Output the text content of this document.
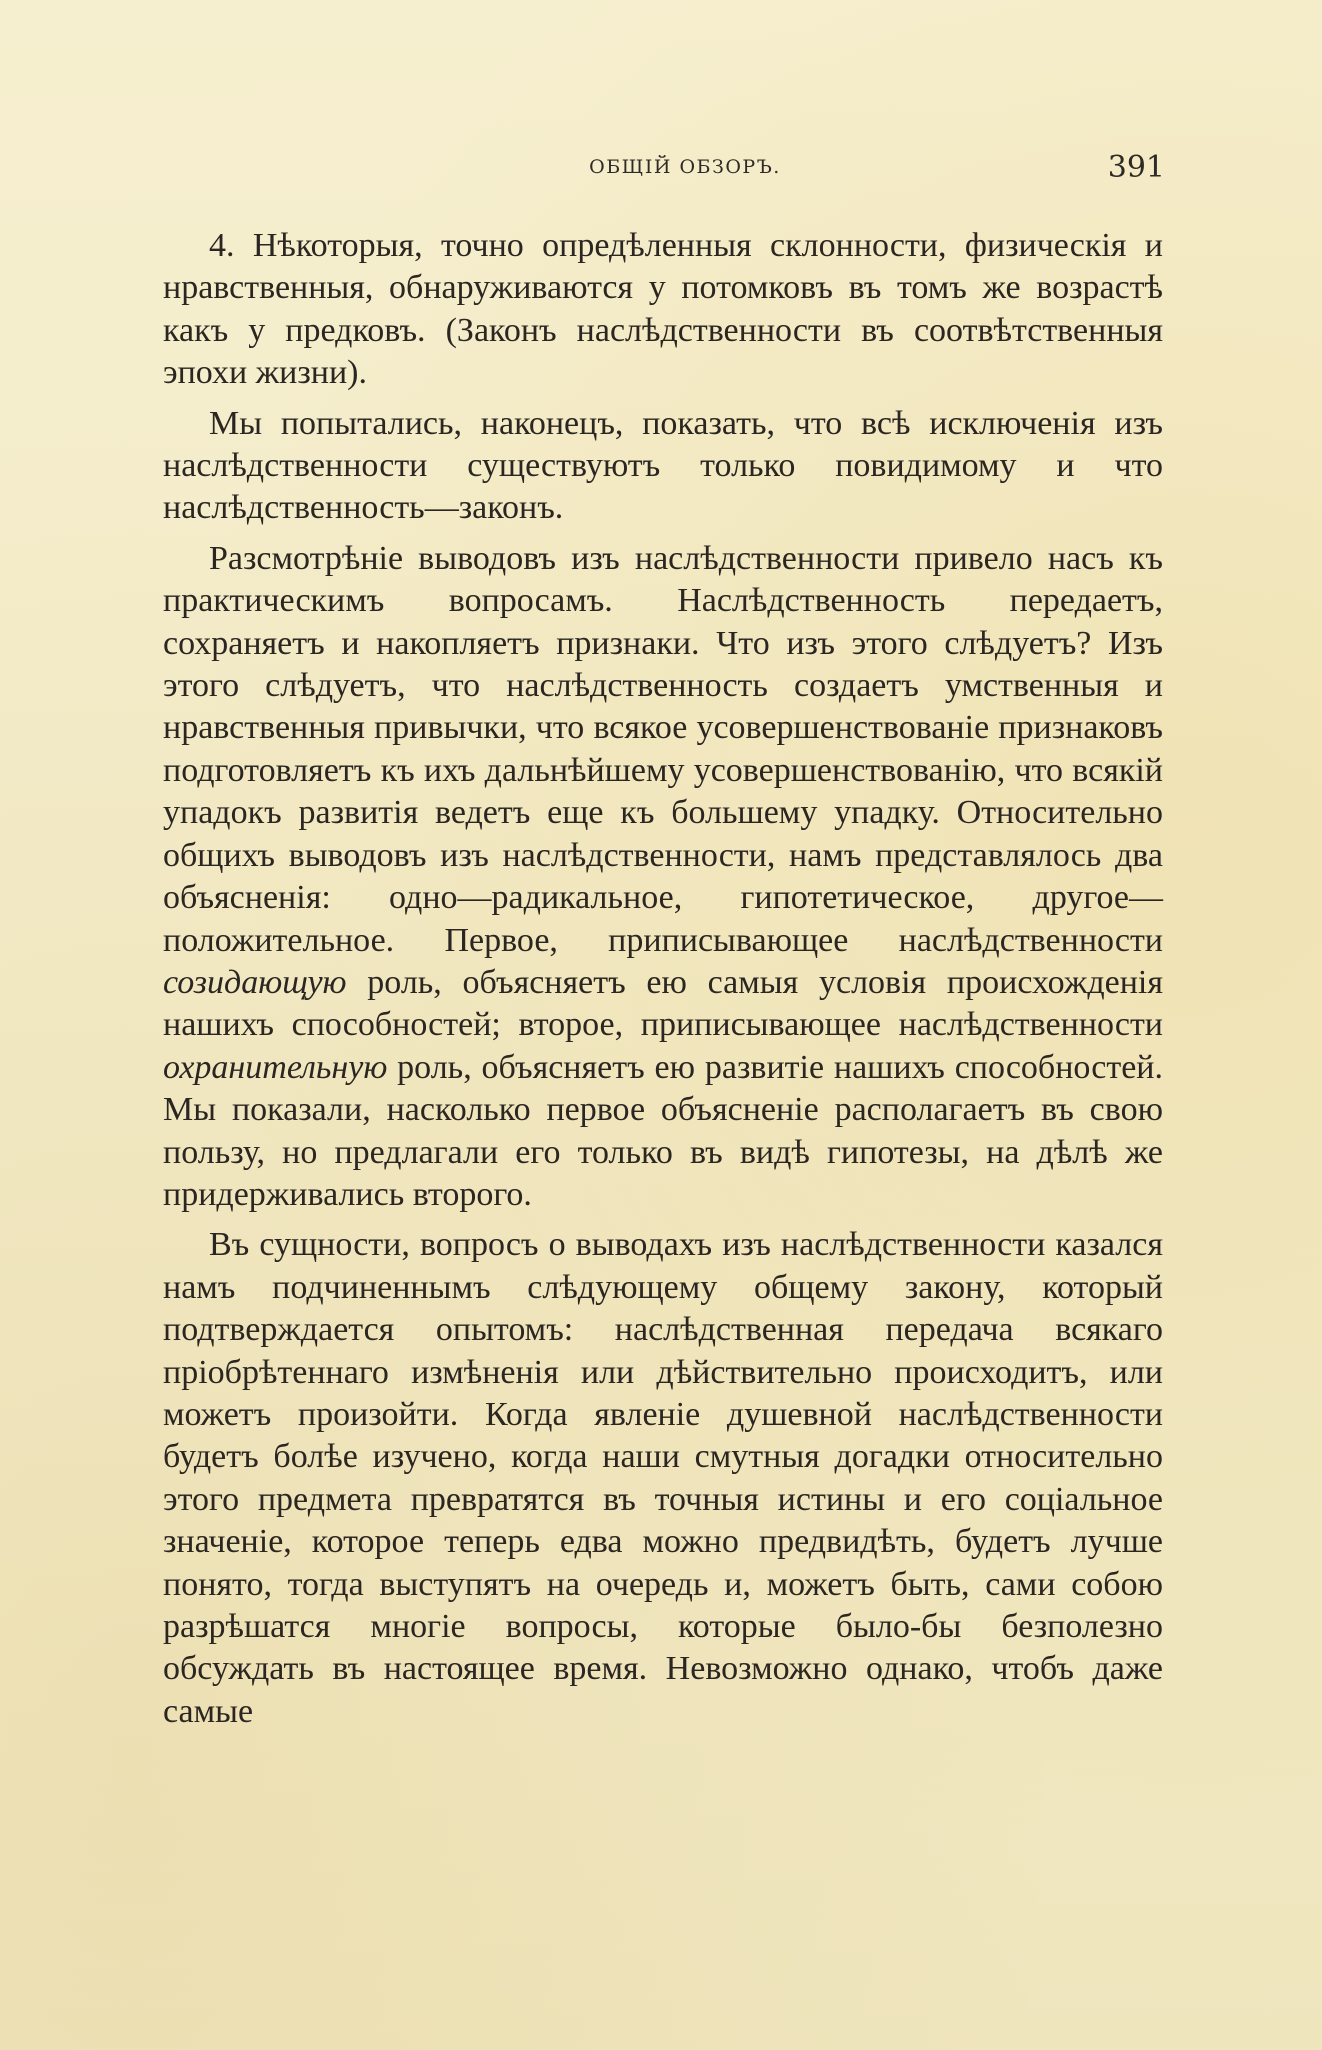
ОБЩІЙ ОБЗОРЪ.	391

4. Нѣкоторыя, точно опредѣленныя склонности, физическія и нравственныя, обнаруживаются у потомковъ въ томъ же возрастѣ какъ у предковъ. (Законъ наслѣдственности въ соотвѣтственныя эпохи жизни).

Мы попытались, наконецъ, показать, что всѣ исключенія изъ наслѣдственности существуютъ только повидимому и что наслѣдственность—законъ.

Разсмотрѣніе выводовъ изъ наслѣдственности привело насъ къ практическимъ вопросамъ. Наслѣдственность передаетъ, сохраняетъ и накопляетъ признаки. Что изъ этого слѣдуетъ? Изъ этого слѣдуетъ, что наслѣдственность создаетъ умственныя и нравственныя привычки, что всякое усовершенствованіе признаковъ подготовляетъ къ ихъ дальнѣйшему усовершенствованію, что всякій упадокъ развитія ведетъ еще къ большему упадку. Относительно общихъ выводовъ изъ наслѣдственности, намъ представлялось два объясненія: одно—радикальное, гипотетическое, другое—положительное. Первое, приписывающее наслѣдственности созидающую роль, объясняетъ ею самыя условія происхожденія нашихъ способностей; второе, приписывающее наслѣдственности охранительную роль, объясняетъ ею развитіе нашихъ способностей. Мы показали, насколько первое объясненіе располагаетъ въ свою пользу, но предлагали его только въ видѣ гипотезы, на дѣлѣ же придерживались второго.

Въ сущности, вопросъ о выводахъ изъ наслѣдственности казался намъ подчиненнымъ слѣдующему общему закону, который подтверждается опытомъ: наслѣдственная передача всякаго пріобрѣтеннаго измѣненія или дѣйствительно происходитъ, или можетъ произойти. Когда явленіе душевной наслѣдственности будетъ болѣе изучено, когда наши смутныя догадки относительно этого предмета превратятся въ точныя истины и его соціальное значеніе, которое теперь едва можно предвидѣть, будетъ лучше понято, тогда выступятъ на очередь и, можетъ быть, сами собою разрѣшатся многіе вопросы, которые было-бы безполезно обсуждать въ настоящее время. Невозможно однако, чтобъ даже самые
